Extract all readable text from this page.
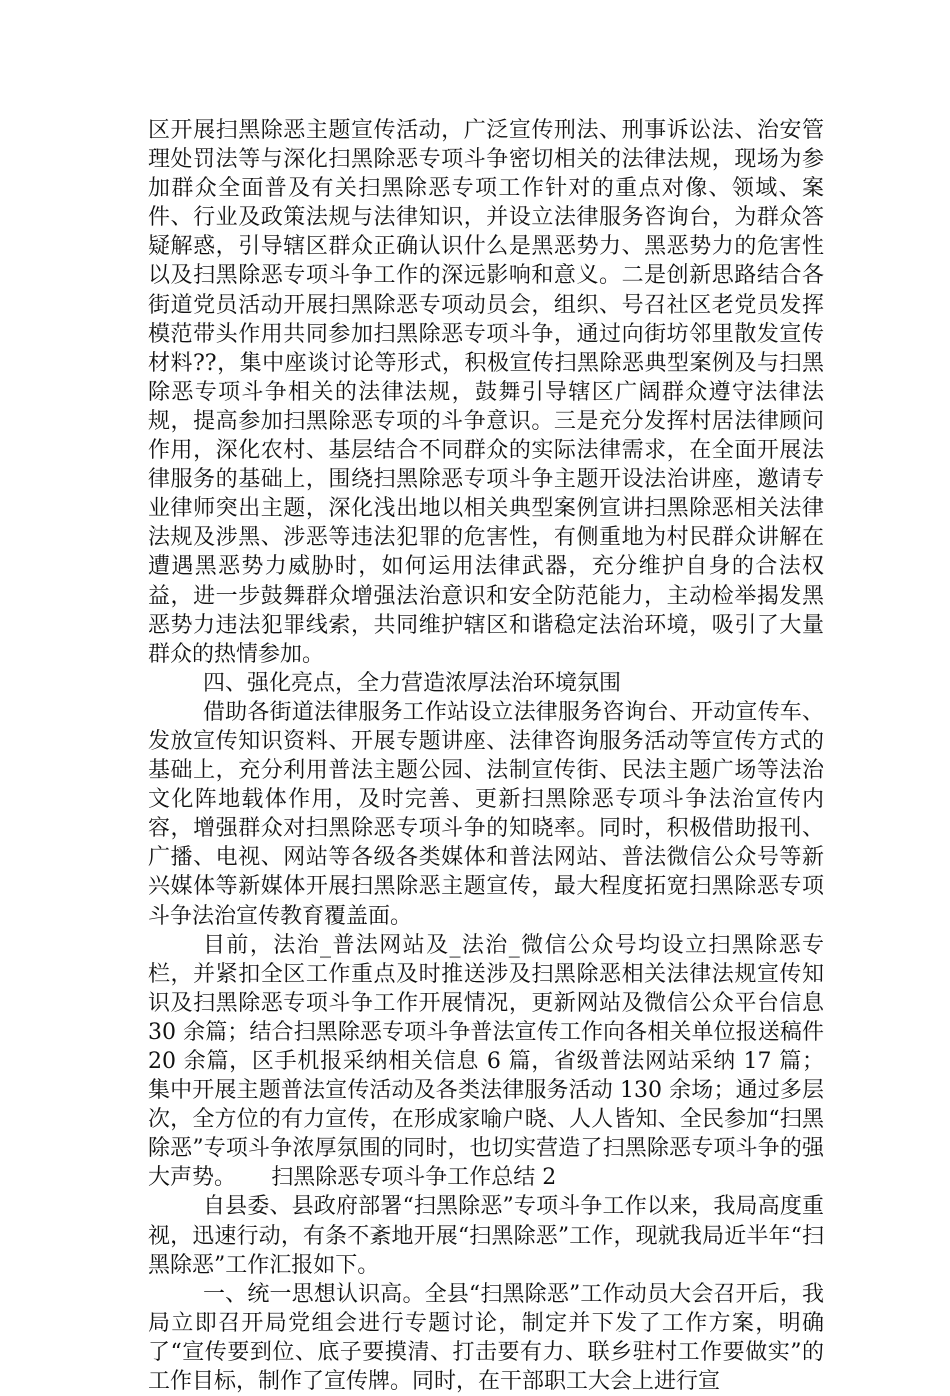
区开展扫黑除恶主题宣传活动，广泛宣传刑法、刑事诉讼法、治安管理处罚法等与深化扫黑除恶专项斗争密切相关的法律法规，现场为参加群众全面普及有关扫黑除恶专项工作针对的重点对像、领域、案件、行业及政策法规与法律知识，并设立法律服务咨询台，为群众答疑解惑，引导辖区群众正确认识什么是黑恶势力、黑恶势力的危害性以及扫黑除恶专项斗争工作的深远影响和意义。二是创新思路结合各街道党员活动开展扫黑除恶专项动员会，组织、号召社区老党员发挥模范带头作用共同参加扫黑除恶专项斗争，通过向街坊邻里散发宣传材料??，集中座谈讨论等形式，积极宣传扫黑除恶典型案例及与扫黑除恶专项斗争相关的法律法规，鼓舞引导辖区广阔群众遵守法律法规，提高参加扫黑除恶专项的斗争意识。三是充分发挥村居法律顾问作用，深化农村、基层结合不同群众的实际法律需求，在全面开展法律服务的基础上，围绕扫黑除恶专项斗争主题开设法治讲座，邀请专业律师突出主题，深化浅出地以相关典型案例宣讲扫黑除恶相关法律法规及涉黑、涉恶等违法犯罪的危害性，有侧重地为村民群众讲解在遭遇黑恶势力威胁时，如何运用法律武器，充分维护自身的合法权益，进一步鼓舞群众增强法治意识和安全防范能力，主动检举揭发黑恶势力违法犯罪线索，共同维护辖区和谐稳定法治环境，吸引了大量群众的热情参加。

四、强化亮点，全力营造浓厚法治环境氛围

借助各街道法律服务工作站设立法律服务咨询台、开动宣传车、发放宣传知识资料、开展专题讲座、法律咨询服务活动等宣传方式的基础上，充分利用普法主题公园、法制宣传街、民法主题广场等法治文化阵地载体作用，及时完善、更新扫黑除恶专项斗争法治宣传内容，增强群众对扫黑除恶专项斗争的知晓率。同时，积极借助报刊、广播、电视、网站等各级各类媒体和普法网站、普法微信公众号等新兴媒体等新媒体开展扫黑除恶主题宣传，最大程度拓宽扫黑除恶专项斗争法治宣传教育覆盖面。

目前，法治_普法网站及_法治_微信公众号均设立扫黑除恶专栏，并紧扣全区工作重点及时推送涉及扫黑除恶相关法律法规宣传知识及扫黑除恶专项斗争工作开展情况，更新网站及微信公众平台信息 30 余篇；结合扫黑除恶专项斗争普法宣传工作向各相关单位报送稿件 20 余篇，区手机报采纳相关信息 6 篇，省级普法网站采纳 17 篇；集中开展主题普法宣传活动及各类法律服务活动 130 余场；通过多层次，全方位的有力宣传，在形成家喻户晓、人人皆知、全民参加“扫黑除恶”专项斗争浓厚氛围的同时，也切实营造了扫黑除恶专项斗争的强大声势。 扫黑除恶专项斗争工作总结 2

自县委、县政府部署“扫黑除恶”专项斗争工作以来，我局高度重视，迅速行动，有条不紊地开展“扫黑除恶”工作，现就我局近半年“扫黑除恶”工作汇报如下。

一、统一思想认识高。全县“扫黑除恶”工作动员大会召开后，我局立即召开局党组会进行专题讨论，制定并下发了工作方案，明确了“宣传要到位、底子要摸清、打击要有力、联乡驻村工作要做实”的工作目标，制作了宣传牌。同时，在干部职工大会上进行宣
